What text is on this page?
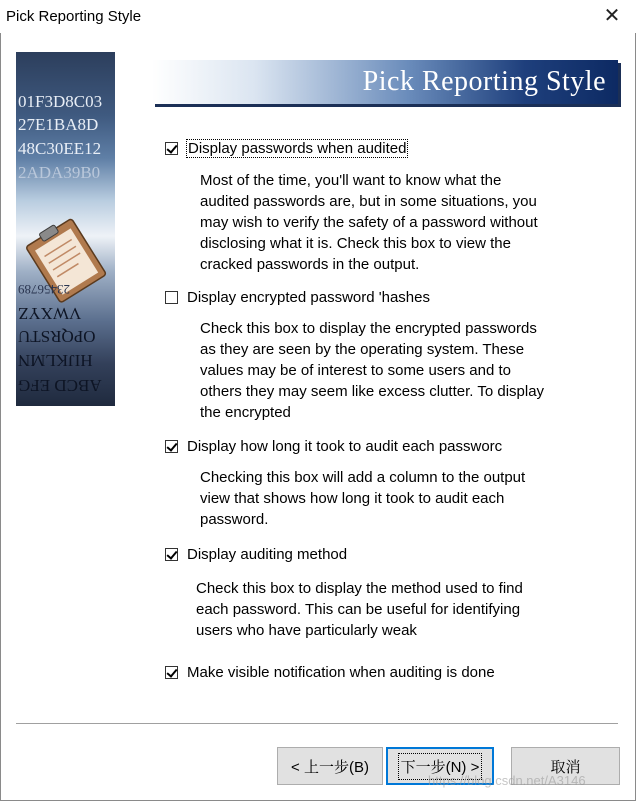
Pick Reporting Style	✕
01F3D8C03
27E1BA8D
48C30EE12
2ADA39B0
ABCD EFG
HIJKLMN
OPQRSTU
VWXYZ
23456789
Pick Reporting Style
Display passwords when audited
Most of the time, you'll want to know what the audited passwords are, but in some situations, you may wish to verify the safety of a password without disclosing what it is. Check this box to view the cracked passwords in the output.
Display encrypted password 'hashes
Check this box to display the encrypted passwords as they are seen by the operating system. These values may be of interest to some users and to others they may seem like excess clutter. To display the encrypted
Display how long it took to audit each passworc
Checking this box will add a column to the output view that shows how long it took to audit each password.
Display auditing method
Check this box to display the method used to find each password. This can be useful for identifying users who have particularly weak
Make visible notification when auditing is done
< 上一步(B) 下一步(N) >	取消
https://blog.csdn.net/A3146
